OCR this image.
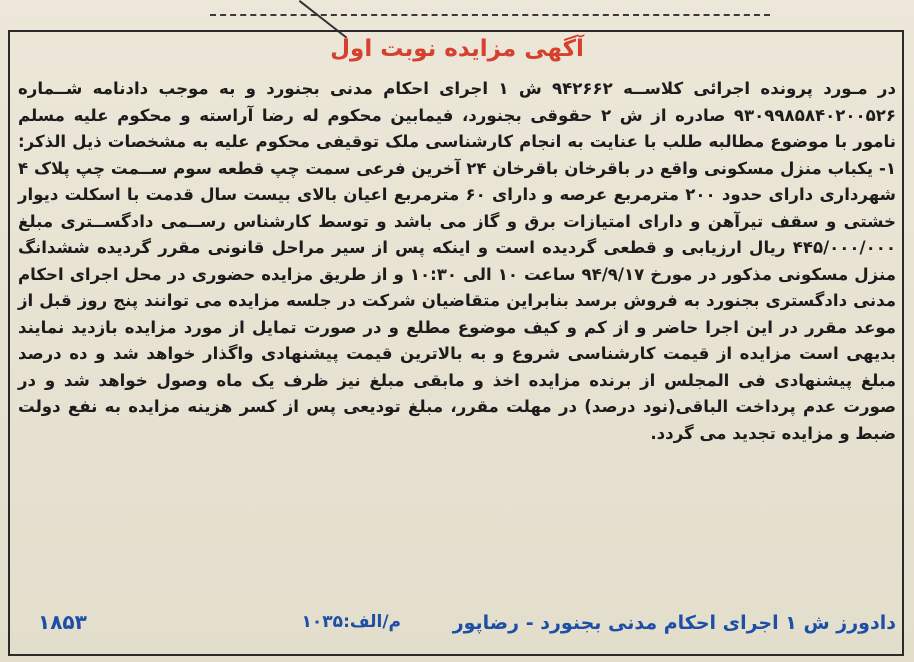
آگهی مزایده نوبت اول

در مـورد پرونده اجرائی کلاســه ۹۴۲۶۶۲ ش ۱ اجرای احکام مدنی بجنورد و به موجب دادنامه شــماره ۹۳۰۹۹۸۵۸۴۰۲۰۰۵۲۶ صادره از ش ۲ حقوقی بجنورد، فیمابین محکوم له رضا آراسته و محکوم علیه مسلم نامور با موضوع مطالبه طلب با عنایت به انجام کارشناسی ملک توقیفی محکوم علیه به مشخصات ذیل الذکر: ۱- یکباب منزل مسکونی واقع در باقرخان باقرخان ۲۴ آخرین فرعی سمت چپ قطعه سوم ســمت چپ پلاک ۴ شهرداری دارای حدود ۲۰۰ مترمربع عرصه و دارای ۶۰ مترمربع اعیان بالای بیست سال قدمت با اسکلت دیوار خشتی و سقف تیرآهن و دارای امتیازات برق و گاز می باشد و توسط کارشناس رســمی دادگســتری مبلغ ۴۴۵/۰۰۰/۰۰۰ ریال ارزیابی و قطعی گردیده است و اینکه پس از سیر مراحل قانونی مقرر گردیده ششدانگ منزل مسکونی مذکور در مورخ ۹۴/۹/۱۷ ساعت ۱۰ الی ۱۰:۳۰ و از طریق مزایده حضوری در محل اجرای احکام مدنی دادگستری بجنورد به فروش برسد بنابراین متقاضیان شرکت در جلسه مزایده می توانند پنج روز قبل از موعد مقرر در این اجرا حاضر و از کم و کیف موضوع مطلع و در صورت تمایل از مورد مزایده بازدید نمایند بدیهی است مزایده از قیمت کارشناسی شروع و به بالاترین قیمت پیشنهادی واگذار خواهد شد و ده درصد مبلغ پیشنهادی فی المجلس از برنده مزایده اخذ و مابقی مبلغ نیز ظرف یک ماه وصول خواهد شد و در صورت عدم پرداخت الباقی(نود درصد) در مهلت مقرر، مبلغ تودیعی پس از کسر هزینه مزایده به نفع دولت ضبط و مزایده تجدید می گردد.

دادورز ش ۱ اجرای احکام مدنی بجنورد - رضاپور
م/الف:۱۰۳۵
۱۸۵۳
